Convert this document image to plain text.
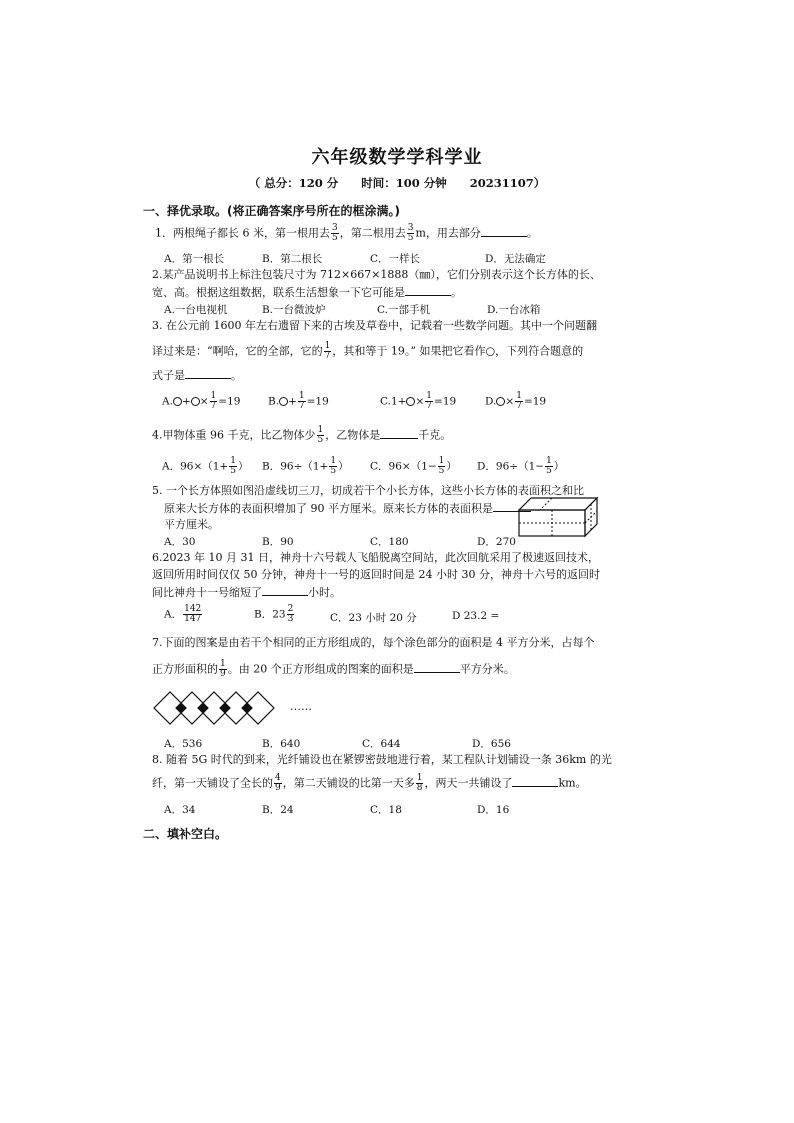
六年级数学学科学业
（ 总分：120 分　　时间：100 分钟　　20231107）
一、择优录取。(将正确答案序号所在的框涂满。)
1．两根绳子都长 6 米，第一根用去 $\frac{3}{5}$ ，第二根用去 $\frac{3}{5}$ m，用去部分	。
A．第一根长	B．第二根长	C．一样长	D．无法确定
2.某产品说明书上标注包装尺寸为 712×667×1888（㎜），它们分别表示这个长方体的长、
宽、高。根据这组数据，联系生活想象一下它可能是	。
A.一台电视机	B.一台微波炉	C.一部手机	D.一台冰箱
3. 在公元前 1600 年左右遗留下来的古埃及草卷中，记载着一些数学问题。其中一个问题翻
译过来是：“啊哈，它的全部，它的 $\frac{1}{7}$ ，其和等于 19。” 如果把它看作○，下列符合题意的
式子是	。
A. + × $\frac{1}{7} =19$	B. + $\frac{1}{7} =19$	$C.1+ \times \frac{1}{7} =19$	D. × $\frac{1}{7} =19$
4.甲物体重 96 千克，比乙物体少 $\frac{1}{5}$ ，乙物体是	千克。
A．$96\times(1+ \frac{1}{5}$ ） B．$96\div(1+ \frac{1}{5}$ ） C．$96\times(1- \frac{1}{5}$ ） D．$96\div(1- \frac{1}{5}$ ）
5. 一个长方体照如图沿虚线切三刀，切成若干个小长方体，这些小长方体的表面积之和比
原来大长方体的表面积增加了 90 平方厘米。原来长方体的表面积是
平方厘米。
A．30	B．90	C．180	D．270
6.2023 年 10 月 31 日，神舟十六号载人飞船脱离空间站，此次回航采用了极速返回技术，
返回所用时间仅仅 50 分钟，神舟十一号的返回时间是 24 小时 30 分，神舟十六号的返回时
间比神舟十一号缩短了	小时。
A． $\frac{142}{147}$	B．$23 \frac{2}{3}$	C．23 小时 20 分	D 23.2 =
7.下面的图案是由若干个相同的正方形组成的，每个涂色部分的面积是 4 平方分米，占每个
正方形面积的 $\frac{1}{9}$ 。由 20 个正方形组成的图案的面积是	平方分米。
……
A．536	B．640	C．644	D．656
8. 随着 5G 时代的到来，光纤铺设也在紧锣密鼓地进行着，某工程队计划铺设一条 36km 的光
纤，第一天铺设了全长的 $\frac{4}{9}$ ，第二天铺设的比第一天多 $\frac{1}{8}$ ，两天一共铺设了	km。
A．34	B．24	C．18	D．16
二、填补空白。
